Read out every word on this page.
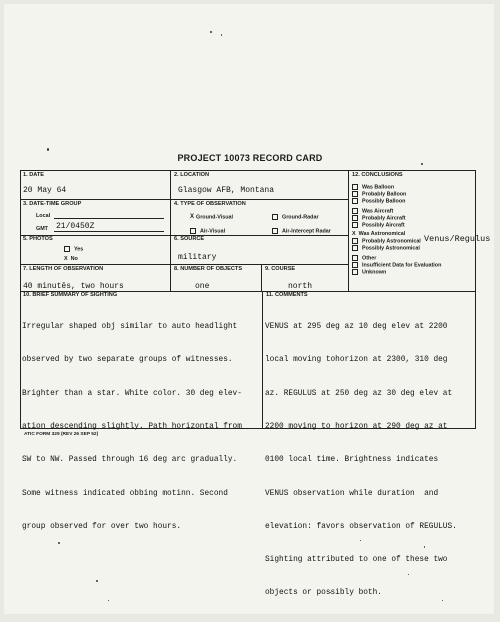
PROJECT 10073 RECORD CARD
1. DATE
20 May 64
2. LOCATION
Glasgow AFB, Montana
3. DATE-TIME GROUP
Local
GMT 21/0450Z
4. TYPE OF OBSERVATION
X Ground-Visual	Ground-Radar
Air-Visual	Air-Intercept Radar
5. PHOTOS
Yes
X No
6. SOURCE
military
7. LENGTH OF OBSERVATION
40 minutēs, two hours
8. NUMBER OF OBJECTS
one
9. COURSE
north
12. CONCLUSIONS
Was Balloon
Probably Balloon
Possibly Balloon
Was Aircraft
Probably Aircraft
Possibly Aircraft
X Was Astronomical
Probably Astronomical
Possibly Astronomical
Other
Insufficient Data for Evaluation
Unknown
Venus/Regulus
10. BRIEF SUMMARY OF SIGHTING

Irregular shaped obj similar to auto headlight

observed by two separate groups of witnesses.

Brighter than a star. White color. 30 deg elev-

ation descending slightly. Path horizontal from

SW to NW. Passed through 16 deg arc gradually.

Some witness indicated obbing motinn. Second

group observed for over two hours.

11. COMMENTS

VENUS at 295 deg az 10 deg elev at 2200

local moving tohorizon at 2300, 310 deg

az. REGULUS at 250 deg az 30 deg elev at

2200 moving to horizon at 290 deg az at

0100 local time. Brightness indicates

VENUS observation while duration  and

elevation: favors observation of REGULUS.

Sighting attributed to one of these two

objects or possibly both.

ATIC FORM 329 (REV 26 SEP 52)
